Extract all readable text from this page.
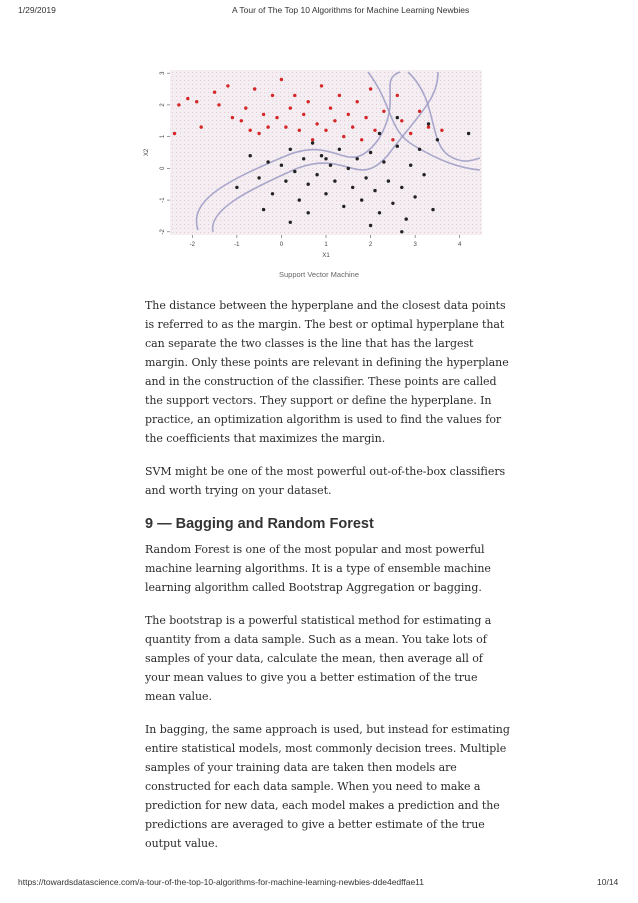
1/29/2019	A Tour of The Top 10 Algorithms for Machine Learning Newbies
-2	-1	0	1	2	3	4
-2
-1
0
1
2
3
X1
X2
Support Vector Machine

The distance between the hyperplane and the closest data points is referred to as the margin. The best or optimal hyperplane that can separate the two classes is the line that has the largest margin. Only these points are relevant in defining the hyperplane and in the construction of the classifier. These points are called the support vectors. They support or define the hyperplane. In practice, an optimization algorithm is used to find the values for the coefficients that maximizes the margin.

SVM might be one of the most powerful out-of-the-box classifiers and worth trying on your dataset.

9 — Bagging and Random Forest

Random Forest is one of the most popular and most powerful machine learning algorithms. It is a type of ensemble machine learning algorithm called Bootstrap Aggregation or bagging.

The bootstrap is a powerful statistical method for estimating a quantity from a data sample. Such as a mean. You take lots of samples of your data, calculate the mean, then average all of your mean values to give you a better estimation of the true mean value.

In bagging, the same approach is used, but instead for estimating entire statistical models, most commonly decision trees. Multiple samples of your training data are taken then models are constructed for each data sample. When you need to make a prediction for new data, each model makes a prediction and the predictions are averaged to give a better estimate of the true output value.

https://towardsdatascience.com/a-tour-of-the-top-10-algorithms-for-machine-learning-newbies-dde4edffae11	10/14
